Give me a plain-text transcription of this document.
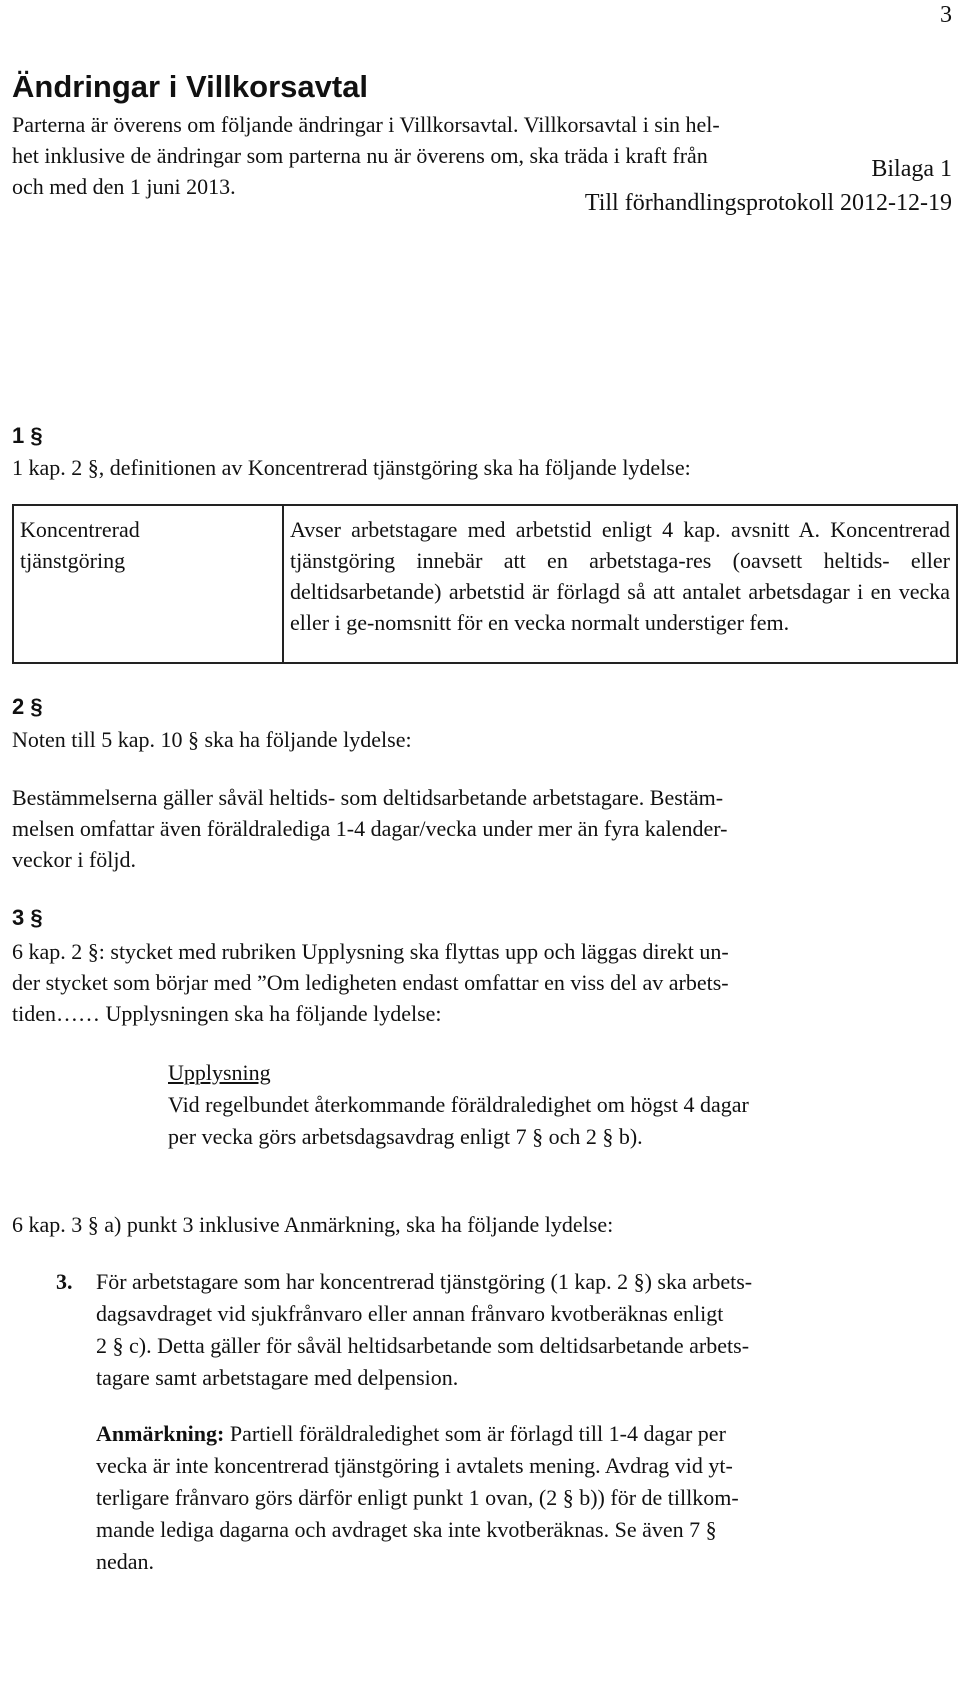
3
Bilaga 1
Till förhandlingsprotokoll 2012-12-19
Ändringar i Villkorsavtal
Parterna är överens om följande ändringar i Villkorsavtal. Villkorsavtal i sin hel-
het inklusive de ändringar som parterna nu är överens om, ska träda i kraft från
och med den 1 juni 2013.
1 §
1 kap. 2 §, definitionen av Koncentrerad tjänstgöring ska ha följande lydelse:
Koncentrerad
tjänstgöring
	Avser arbetstagare med arbetstid enligt 4 kap. avsnitt A. Koncentrerad tjänstgöring innebär att en arbetstaga-res (oavsett heltids- eller deltidsarbetande) arbetstid är förlagd så att antalet arbetsdagar i en vecka eller i ge-nomsnitt för en vecka normalt understiger fem.
2 §
Noten till 5 kap. 10 § ska ha följande lydelse:
Bestämmelserna gäller såväl heltids- som deltidsarbetande arbetstagare. Bestäm-
melsen omfattar även föräldralediga 1-4 dagar/vecka under mer än fyra kalender-
veckor i följd.
3 §
6 kap. 2 §: stycket med rubriken Upplysning ska flyttas upp och läggas direkt un-
der stycket som börjar med ”Om ledigheten endast omfattar en viss del av arbets-
tiden…… Upplysningen ska ha följande lydelse:
Upplysning
Vid regelbundet återkommande föräldraledighet om högst 4 dagar
per vecka görs arbetsdagsavdrag enligt 7 § och 2 § b).
6 kap. 3 § a) punkt 3 inklusive Anmärkning, ska ha följande lydelse:
3. För arbetstagare som har koncentrerad tjänstgöring (1 kap. 2 §) ska arbets-
dagsavdraget vid sjukfrånvaro eller annan frånvaro kvotberäknas enligt
2 § c). Detta gäller för såväl heltidsarbetande som deltidsarbetande arbets-
tagare samt arbetstagare med delpension.
Anmärkning: Partiell föräldraledighet som är förlagd till 1-4 dagar per
vecka är inte koncentrerad tjänstgöring i avtalets mening. Avdrag vid yt-
terligare frånvaro görs därför enligt punkt 1 ovan, (2 § b)) för de tillkom-
mande lediga dagarna och avdraget ska inte kvotberäknas. Se även 7 §
nedan.
